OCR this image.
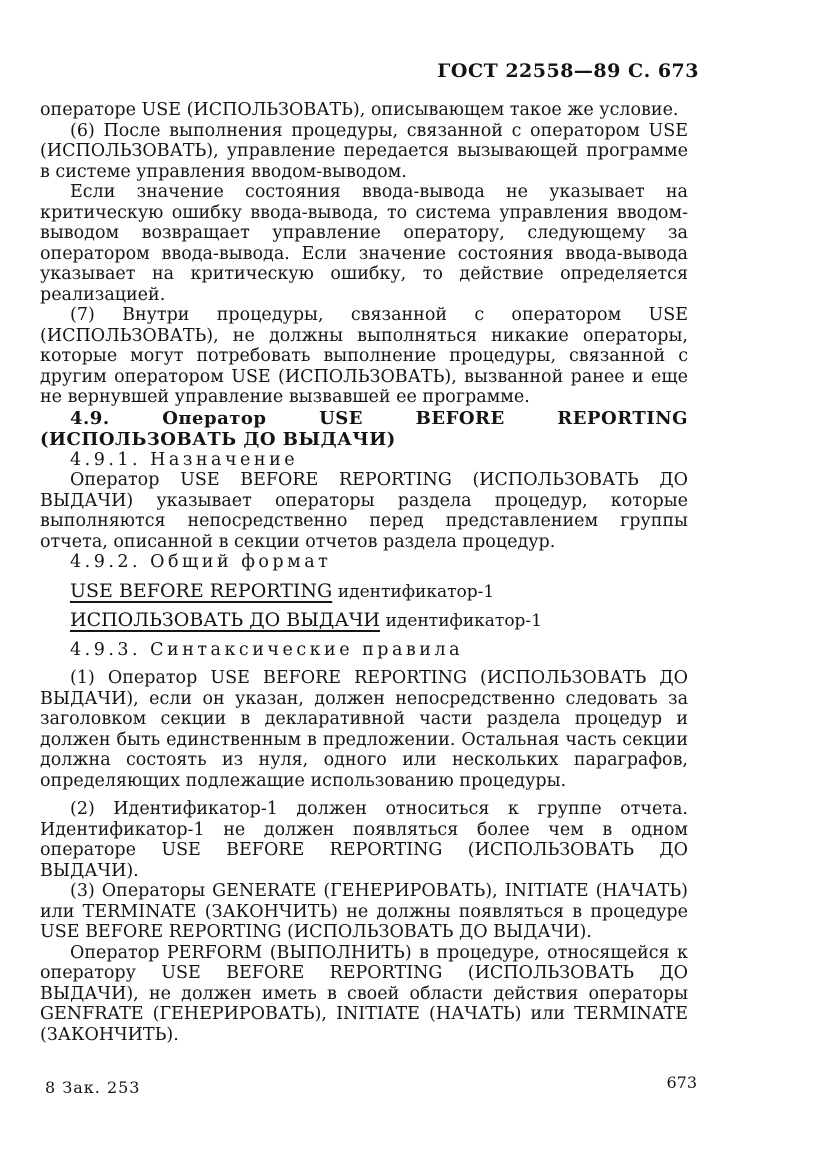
ГОСТ 22558—89 С. 673

операторе USE (ИСПОЛЬЗОВАТЬ), описывающем такое же условие.

(6) После выполнения процедуры, связанной с оператором USE (ИСПОЛЬЗОВАТЬ), управление передается вызывающей программе в системе управления вводом-выводом.

Если значение состояния ввода-вывода не указывает на критическую ошибку ввода-вывода, то система управления вводом-выводом возвращает управление оператору, следующему за оператором ввода-вывода. Если значение состояния ввода-вывода указывает на критическую ошибку, то действие определяется реализацией.

(7) Внутри процедуры, связанной с оператором USE (ИСПОЛЬЗОВАТЬ), не должны выполняться никакие операторы, которые могут потребовать выполнение процедуры, связанной с другим оператором USE (ИСПОЛЬЗОВАТЬ), вызванной ранее и еще не вернувшей управление вызвавшей ее программе.

4.9. Оператор USE BEFORE REPORTING (ИСПОЛЬЗОВАТЬ ДО ВЫДАЧИ)

4.9.1. Назначение

Оператор USE BEFORE REPORTING (ИСПОЛЬЗОВАТЬ ДО ВЫДАЧИ) указывает операторы раздела процедур, которые выполняются непосредственно перед представлением группы отчета, описанной в секции отчетов раздела процедур.

4.9.2. Общий формат

USE BEFORE REPORTING идентификатор-1

ИСПОЛЬЗОВАТЬ ДО ВЫДАЧИ идентификатор-1

4.9.3. Синтаксические правила

(1) Оператор USE BEFORE REPORTING (ИСПОЛЬЗОВАТЬ ДО ВЫДАЧИ), если он указан, должен непосредственно следовать за заголовком секции в декларативной части раздела процедур и должен быть единственным в предложении. Остальная часть секции должна состоять из нуля, одного или нескольких параграфов, определяющих подлежащие использованию процедуры.

(2) Идентификатор-1 должен относиться к группе отчета. Идентификатор-1 не должен появляться более чем в одном операторе USE BEFORE REPORTING (ИСПОЛЬЗОВАТЬ ДО ВЫДАЧИ).

(3) Операторы GENERATE (ГЕНЕРИРОВАТЬ), INITIATE (НАЧАТЬ) или TERMINATE (ЗАКОНЧИТЬ) не должны появляться в процедуре USE BEFORE REPORTING (ИСПОЛЬЗОВАТЬ ДО ВЫДАЧИ).

Оператор PERFORM (ВЫПОЛНИТЬ) в процедуре, относящейся к оператору USE BEFORE REPORTING (ИСПОЛЬЗОВАТЬ ДО ВЫДАЧИ), не должен иметь в своей области действия операторы GENFRATE (ГЕНЕРИРОВАТЬ), INITIATE (НАЧАТЬ) или TERMINATE (ЗАКОНЧИТЬ).

8 Зак. 253	673
